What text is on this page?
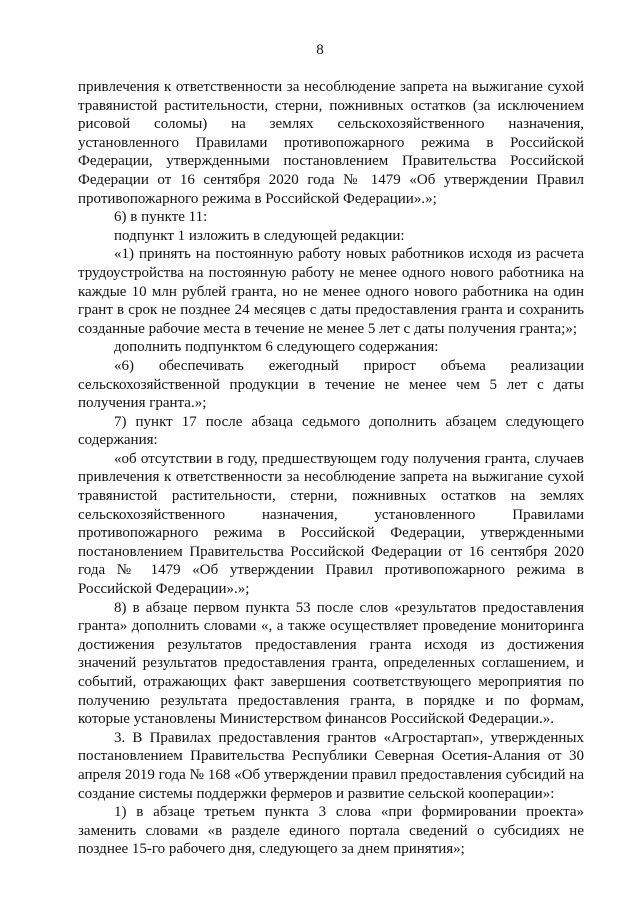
8

привлечения к ответственности за несоблюдение запрета на выжигание сухой травянистой растительности, стерни, пожнивных остатков (за исключением рисовой соломы) на землях сельскохозяйственного назначения, установленного Правилами противопожарного режима в Российской Федерации, утвержденными постановлением Правительства Российской Федерации от 16 сентября 2020 года № 1479 «Об утверждении Правил противопожарного режима в Российской Федерации».»;

6) в пункте 11:

подпункт 1 изложить в следующей редакции:

«1) принять на постоянную работу новых работников исходя из расчета трудоустройства на постоянную работу не менее одного нового работника на каждые 10 млн рублей гранта, но не менее одного нового работника на один грант в срок не позднее 24 месяцев с даты предоставления гранта и сохранить созданные рабочие места в течение не менее 5 лет с даты получения гранта;»;

дополнить подпунктом 6 следующего содержания:

«6) обеспечивать ежегодный прирост объема реализации сельскохозяйственной продукции в течение не менее чем 5 лет с даты получения гранта.»;

7) пункт 17 после абзаца седьмого дополнить абзацем следующего содержания:

«об отсутствии в году, предшествующем году получения гранта, случаев привлечения к ответственности за несоблюдение запрета на выжигание сухой травянистой растительности, стерни, пожнивных остатков на землях сельскохозяйственного назначения, установленного Правилами противопожарного режима в Российской Федерации, утвержденными постановлением Правительства Российской Федерации от 16 сентября 2020 года № 1479 «Об утверждении Правил противопожарного режима в Российской Федерации».»;

8) в абзаце первом пункта 53 после слов «результатов предоставления гранта» дополнить словами «, а также осуществляет проведение мониторинга достижения результатов предоставления гранта исходя из достижения значений результатов предоставления гранта, определенных соглашением, и событий, отражающих факт завершения соответствующего мероприятия по получению результата предоставления гранта, в порядке и по формам, которые установлены Министерством финансов Российской Федерации.».

3. В Правилах предоставления грантов «Агростартап», утвержденных постановлением Правительства Республики Северная Осетия-Алания от 30 апреля 2019 года № 168 «Об утверждении правил предоставления субсидий на создание системы поддержки фермеров и развитие сельской кооперации»:

1) в абзаце третьем пункта 3 слова «при формировании проекта» заменить словами «в разделе единого портала сведений о субсидиях не позднее 15-го рабочего дня, следующего за днем принятия»;
